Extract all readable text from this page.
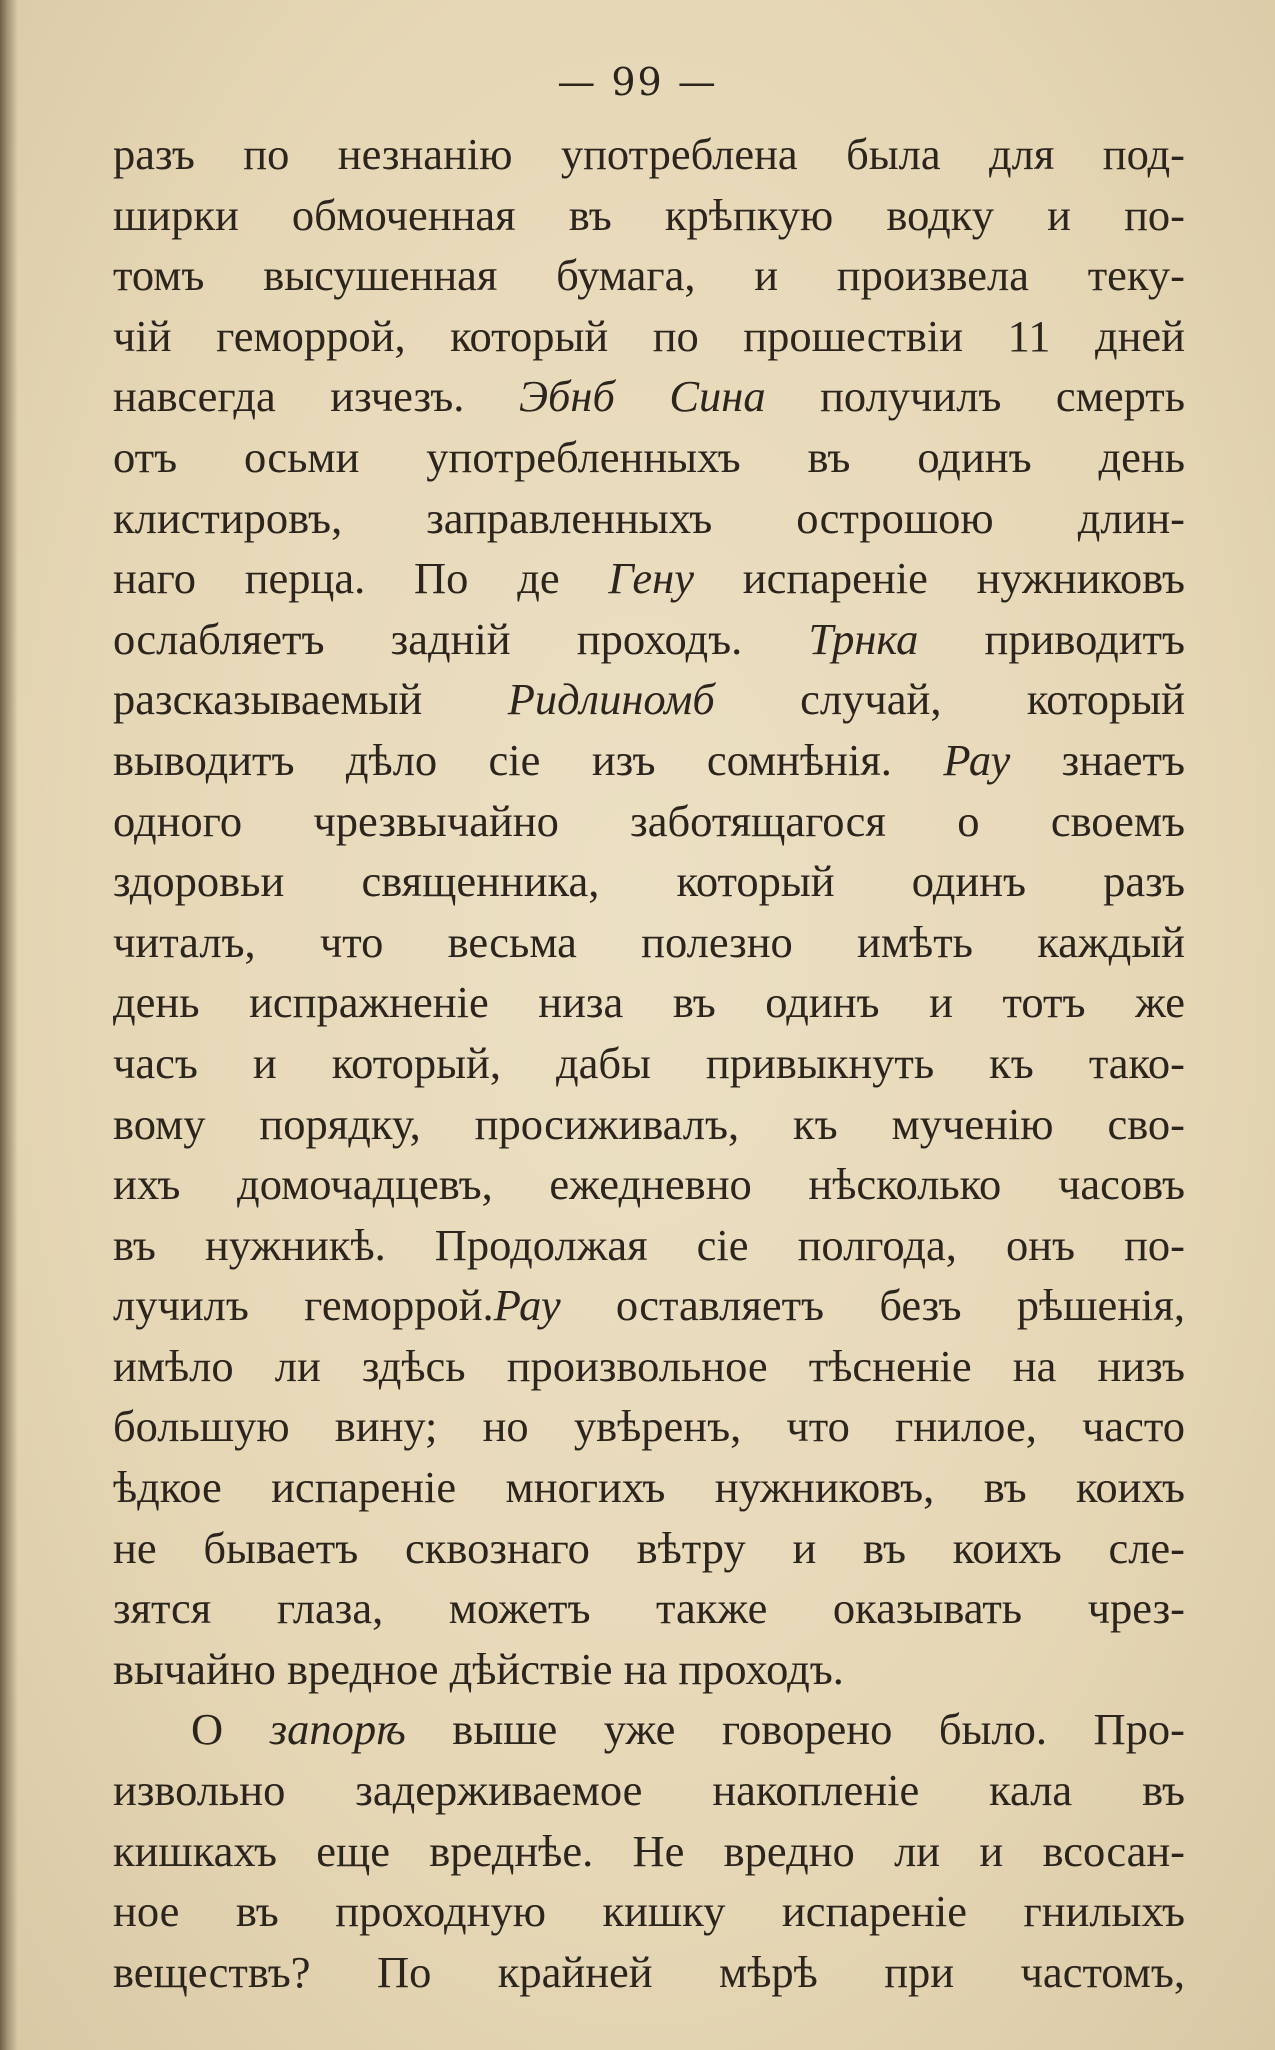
— 99 —
разъ по незнанію употреблена была для под-
ширки обмоченная въ крѣпкую водку и по-
томъ высушенная бумага, и произвела теку-
чій геморрой, который по прошествіи 11 дней
навсегда изчезъ. Эбнб Сина получилъ смерть
отъ осьми употребленныхъ въ одинъ день
клистировъ, заправленныхъ острошою длин-
наго перца. По де Гену испареніе нужниковъ
ослабляетъ задній проходъ. Трнка приводитъ
разсказываемый Ридлиномб случай, который
выводитъ дѣло сіе изъ сомнѣнія. Рау знаетъ
одного чрезвычайно заботящагося о своемъ
здоровьи священника, который одинъ разъ
читалъ, что весьма полезно имѣть каждый
день испражненіе низа въ одинъ и тотъ же
часъ и который, дабы привыкнуть къ тако-
вому порядку, просиживалъ, къ мученію сво-
ихъ домочадцевъ, ежедневно нѣсколько часовъ
въ нужникѣ. Продолжая сіе полгода, онъ по-
лучилъ геморрой.Рау оставляетъ безъ рѣшенія,
имѣло ли здѣсь произвольное тѣсненіе на низъ
большую вину; но увѣренъ, что гнилое, часто
ѣдкое испареніе многихъ нужниковъ, въ коихъ
не бываетъ сквознаго вѣтру и въ коихъ сле-
зятся глаза, можетъ также оказывать чрез-
вычайно вредное дѣйствіе на проходъ.
О запорѣ выше уже говорено было. Про-
извольно задерживаемое накопленіе кала въ
кишкахъ еще вреднѣе. Не вредно ли и всосан-
ное въ проходную кишку испареніе гнилыхъ
веществъ? По крайней мѣрѣ при частомъ,
